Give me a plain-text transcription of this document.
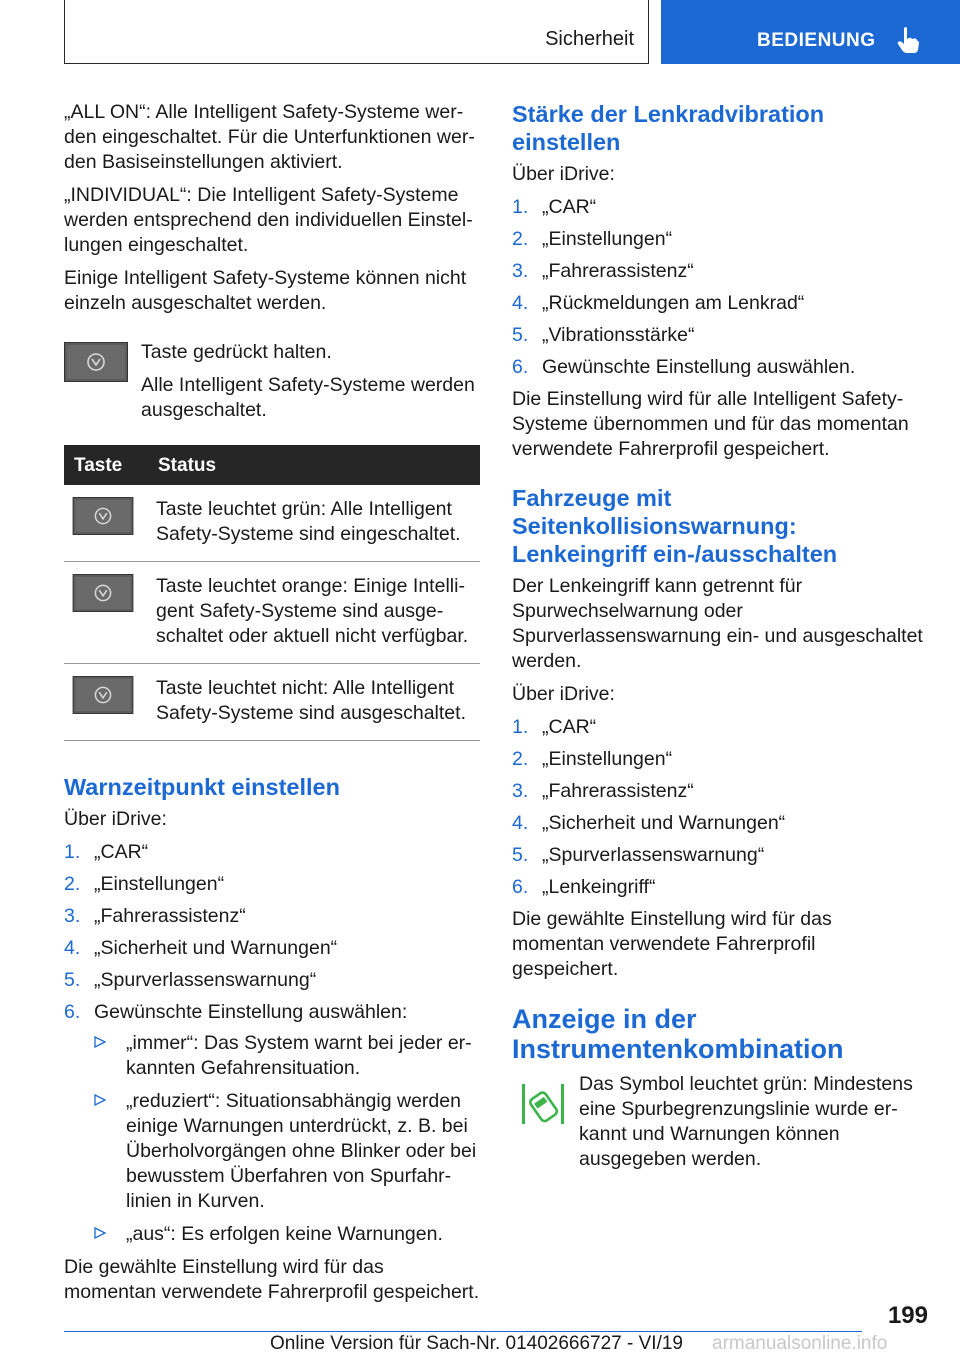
Sicherheit	BEDIENUNG

„ALL ON“: Alle Intelligent Safety-Systeme werden eingeschaltet. Für die Unterfunktionen werden Basiseinstellungen aktiviert.

„INDIVIDUAL“: Die Intelligent Safety-Systeme werden entsprechend den individuellen Einstellungen eingeschaltet.

Einige Intelligent Safety-Systeme können nicht einzeln ausgeschaltet werden.

Taste gedrückt halten.

Alle Intelligent Safety-Systeme werden ausgeschaltet.

Taste	Status
	Taste leuchtet grün: Alle Intelligent Safety-Systeme sind eingeschaltet.
	Taste leuchtet orange: Einige Intelligent Safety-Systeme sind ausgeschaltet oder aktuell nicht verfügbar.
	Taste leuchtet nicht: Alle Intelligent Safety-Systeme sind ausgeschaltet.
Warnzeitpunkt einstellen

Über iDrive:

1. „CAR“
2. „Einstellungen“
3. „Fahrerassistenz“
4. „Sicherheit und Warnungen“
5. „Spurverlassenswarnung“
6. Gewünschte Einstellung auswählen:
„immer“: Das System warnt bei jeder erkannten Gefahrensituation.
„reduziert“: Situationsabhängig werden einige Warnungen unterdrückt, z. B. bei Überholvorgängen ohne Blinker oder bei bewusstem Überfahren von Spurfahrlinien in Kurven.
„aus“: Es erfolgen keine Warnungen.

Die gewählte Einstellung wird für das momentan verwendete Fahrerprofil gespeichert.

Stärke der Lenkradvibration einstellen

Über iDrive:

1. „CAR“
2. „Einstellungen“
3. „Fahrerassistenz“
4. „Rückmeldungen am Lenkrad“
5. „Vibrationsstärke“
6. Gewünschte Einstellung auswählen.

Die Einstellung wird für alle Intelligent Safety-Systeme übernommen und für das momentan verwendete Fahrerprofil gespeichert.

Fahrzeuge mit Seitenkollisionswarnung: Lenkeingriff ein-/ausschalten

Der Lenkeingriff kann getrennt für Spurwechselwarnung oder Spurverlassenswarnung ein- und ausgeschaltet werden.

Über iDrive:

1. „CAR“
2. „Einstellungen“
3. „Fahrerassistenz“
4. „Sicherheit und Warnungen“
5. „Spurverlassenswarnung“
6. „Lenkeingriff“

Die gewählte Einstellung wird für das momentan verwendete Fahrerprofil gespeichert.

Anzeige in der Instrumentenkombination

Das Symbol leuchtet grün: Mindestens eine Spurbegrenzungslinie wurde erkannt und Warnungen können ausgegeben werden.

199
Online Version für Sach-Nr. 01402666727 - VI/19 armanualsonline.info
